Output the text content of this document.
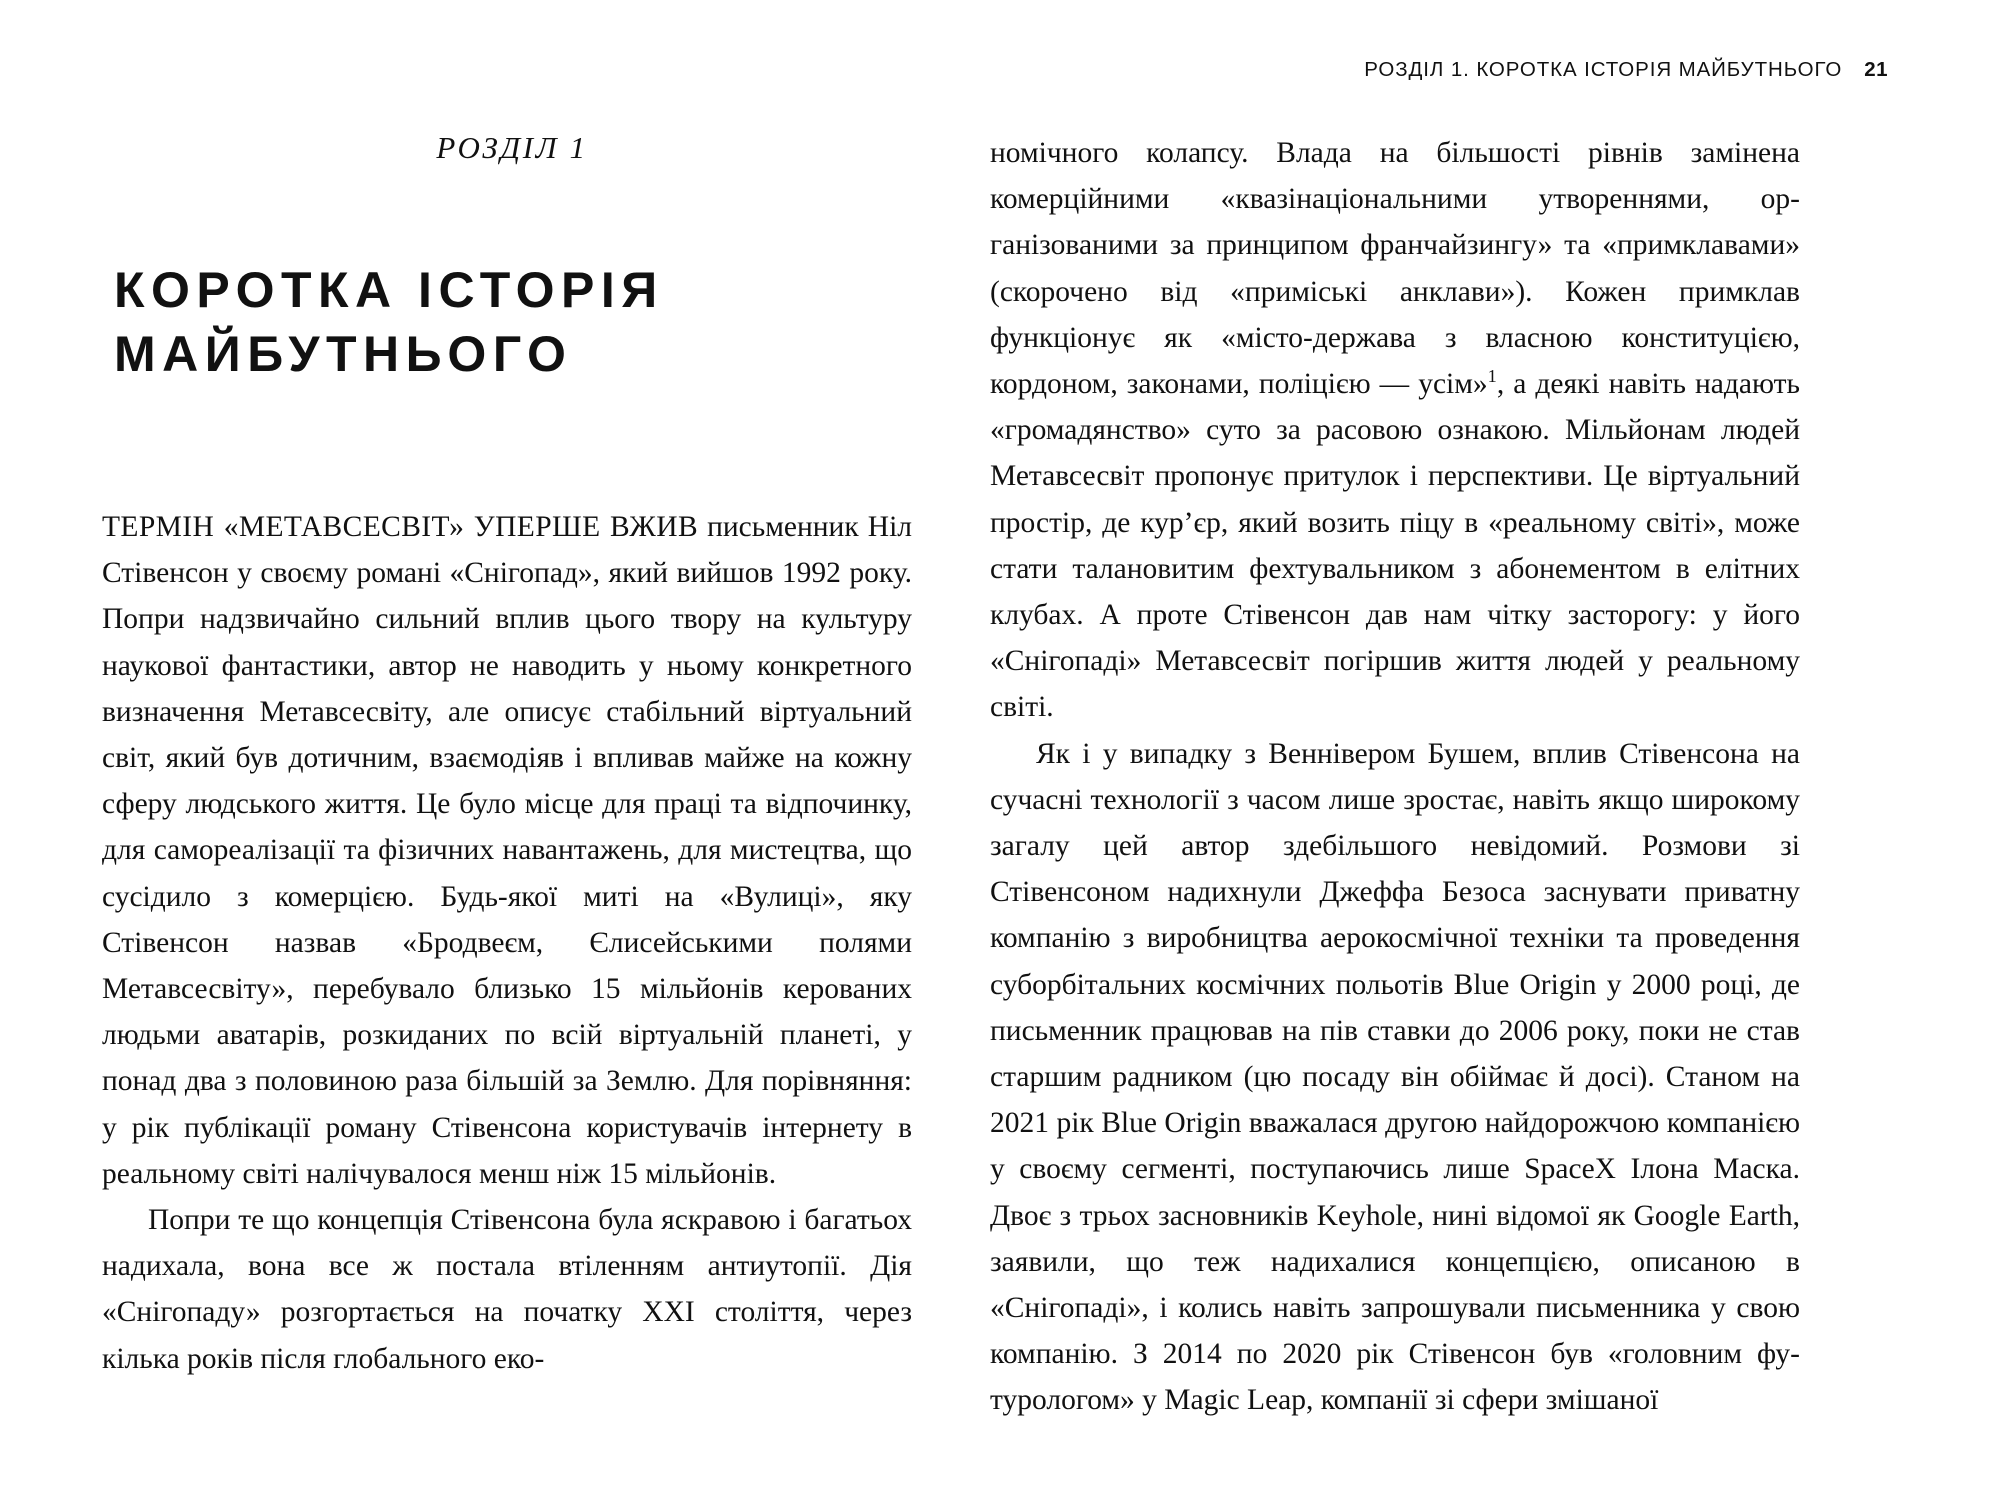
РОЗДІЛ 1. КОРОТКА ІСТОРІЯ МАЙБУТНЬОГО 21
РОЗДІЛ 1
КОРОТКА ІСТОРІЯ
МАЙБУТНЬОГО

ТЕРМІН «МЕТАВСЕСВІТ» УПЕРШЕ ВЖИВ письменник Ніл Стівенсон у своєму романі «Снігопад», який вийшов 1992 року. Попри надзвичайно сильний вплив цього твору на культуру наукової фантастики, автор не наводить у ньому конкретного визначення Метавсесвіту, але описує стабільний віртуальний світ, який був дотичним, взаємодіяв і впливав майже на кожну сферу людського життя. Це було місце для праці та відпочинку, для самореалізації та фізичних навантажень, для мистецтва, що сусідило з комерцією. Будь-якої миті на «Вулиці», яку Стівенсон назвав «Бродвеєм, Єлисейськими полями Метавсесвіту», перебувало близько 15 мільйонів керованих людьми аватарів, розкиданих по всій віртуальній планеті, у понад два з половиною раза більшій за Землю. Для порівняння: у рік публікації роману Стівенсона користувачів інтернету в реальному світі налічувалося менш ніж 15 мільйонів.

Попри те що концепція Стівенсона була яскравою і багатьох надихала, вона все ж постала втіленням антиутопії. Дія «Снігопаду» розгортається на початку XXI століття, через кілька років після глобального еко-

номічного колапсу. Влада на більшості рівнів замінена комерційними «квазінаціональними утвореннями, організованими за принципом франчайзингу» та «примклавами» (скорочено від «приміські анклави»). Кожен примклав функціонує як «місто-держава з власною конституцією, кордоном, законами, поліцією — усім»$^1$, а деякі навіть надають «громадянство» суто за расовою ознакою. Мільйонам людей Метавсесвіт пропонує притулок і перспективи. Це віртуальний простір, де кур’єр, який возить піцу в «реальному світі», може стати талановитим фехтувальником з абонементом в елітних клубах. А проте Стівенсон дав нам чітку засторогу: у його «Снігопаді» Метавсесвіт погіршив життя людей у реальному світі.

Як і у випадку з Веннівером Бушем, вплив Стівенсона на сучасні технології з часом лише зростає, навіть якщо широкому загалу цей автор здебільшого невідомий. Розмови зі Стівенсоном надихнули Джеффа Безоса заснувати приватну компанію з виробництва аерокосмічної техніки та проведення суборбітальних космічних польотів Blue Origin у 2000 році, де письменник працював на пів ставки до 2006 року, поки не став старшим радником (цю посаду він обіймає й досі). Станом на 2021 рік Blue Origin вважалася другою найдорожчою компанією у своєму сегменті, поступаючись лише SpaceX Ілона Маска. Двоє з трьох засновників Keyhole, нині відомої як Google Earth, заявили, що теж надихалися концепцією, описаною в «Снігопаді», і колись навіть запрошували письменника у свою компанію. З 2014 по 2020 рік Стівенсон був «головним футурологом» у Magic Leap, компанії зі сфери змішаної
